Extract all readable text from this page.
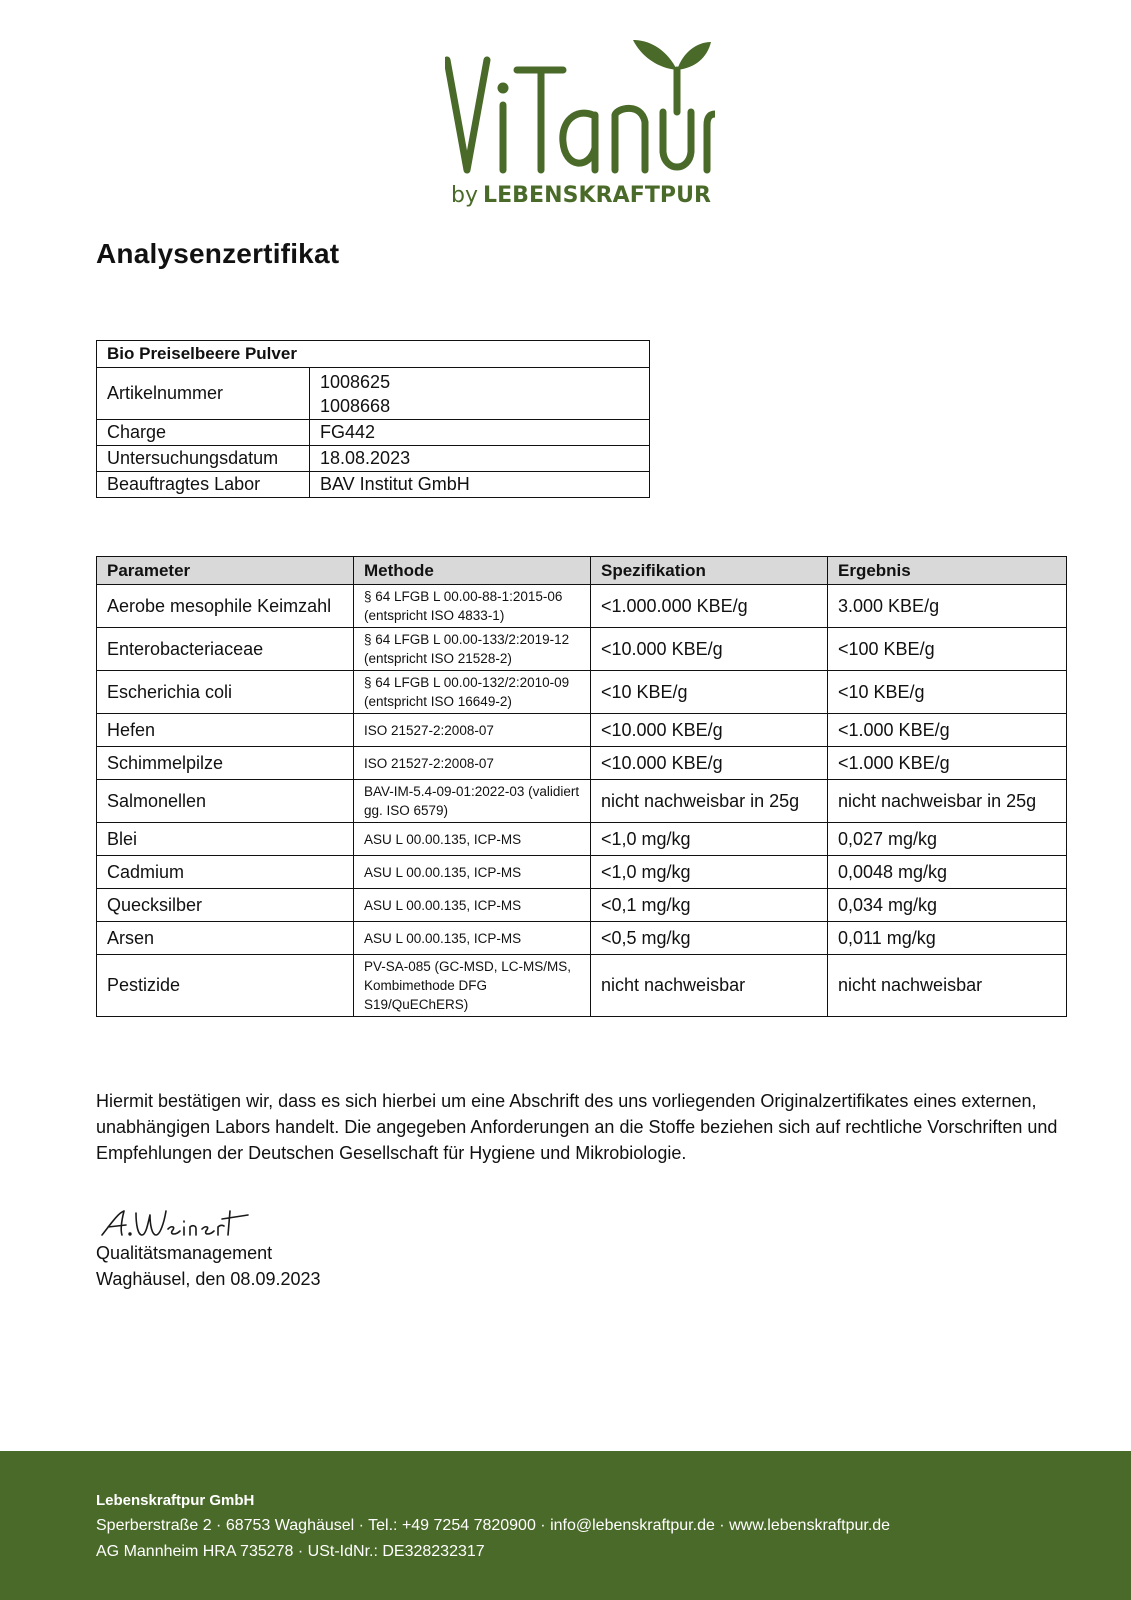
by LEBENSKRAFTPUR
Analysenzertifikat
Bio Preiselbeere Pulver	
Artikelnummer	1008625
1008668

Charge	FG442
Untersuchungsdatum	18.08.2023
Beauftragtes Labor	BAV Institut GmbH
Parameter	Methode	Spezifikation	Ergebnis
Aerobe mesophile Keimzahl	§ 64 LFGB L 00.00-88-1:2015-06 (entspricht ISO 4833-1)	<1.000.000 KBE/g	3.000 KBE/g
Enterobacteriaceae	§ 64 LFGB L 00.00-133/2:2019-12 (entspricht ISO 21528-2)	<10.000 KBE/g	<100 KBE/g
Escherichia coli	§ 64 LFGB L 00.00-132/2:2010-09 (entspricht ISO 16649-2)	<10 KBE/g	<10 KBE/g
Hefen	ISO 21527-2:2008-07	<10.000 KBE/g	<1.000 KBE/g
Schimmelpilze	ISO 21527-2:2008-07	<10.000 KBE/g	<1.000 KBE/g
Salmonellen	BAV-IM-5.4-09-01:2022-03 (validiert gg. ISO 6579)	nicht nachweisbar in 25g	nicht nachweisbar in 25g
Blei	ASU L 00.00.135, ICP-MS	<1,0 mg/kg	0,027 mg/kg
Cadmium	ASU L 00.00.135, ICP-MS	<1,0 mg/kg	0,0048 mg/kg
Quecksilber	ASU L 00.00.135, ICP-MS	<0,1 mg/kg	0,034 mg/kg
Arsen	ASU L 00.00.135, ICP-MS	<0,5 mg/kg	0,011 mg/kg
Pestizide	PV-SA-085 (GC-MSD, LC-MS/MS, Kombimethode DFG S19/QuEChERS)	nicht nachweisbar	nicht nachweisbar

Hiermit bestätigen wir, dass es sich hierbei um eine Abschrift des uns vorliegenden Originalzertifikates eines externen, unabhängigen Labors handelt. Die angegeben Anforderungen an die Stoffe beziehen sich auf rechtliche Vorschriften und Empfehlungen der Deutschen Gesellschaft für Hygiene und Mikrobiologie.

Qualitätsmanagement
Waghäusel, den 08.09.2023
Lebenskraftpur GmbH
Sperberstraße 2 · 68753 Waghäusel · Tel.: +49 7254 7820900 · info@lebenskraftpur.de · www.lebenskraftpur.de
AG Mannheim HRA 735278 · USt-IdNr.: DE328232317
